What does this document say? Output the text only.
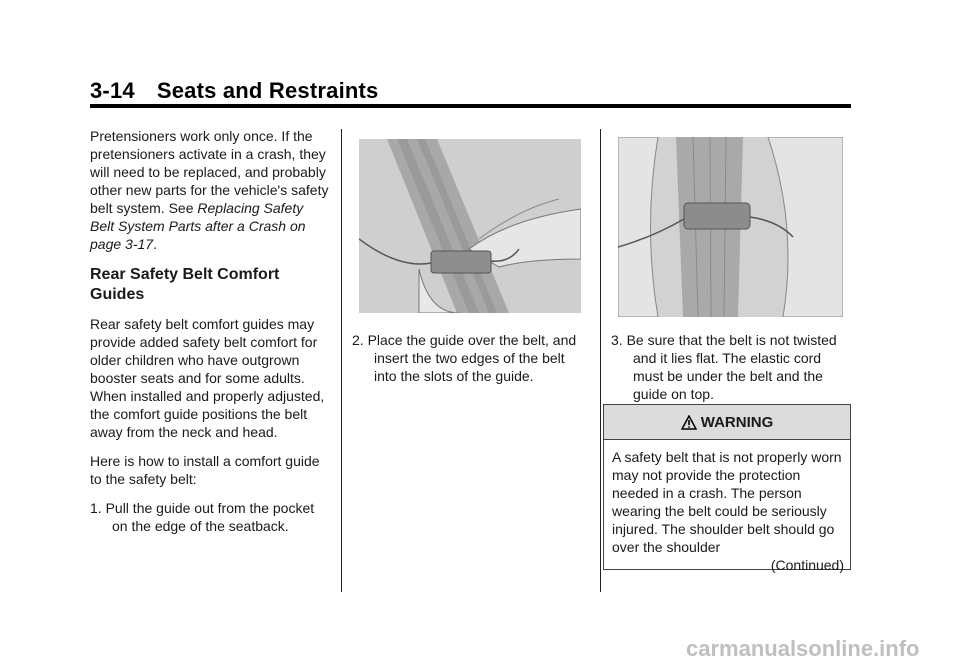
3-14 Seats and Restraints

Pretensioners work only once. If the pretensioners activate in a crash, they will need to be replaced, and probably other new parts for the vehicle's safety belt system. See Replacing Safety Belt System Parts after a Crash on page 3-17.

Rear Safety Belt Comfort Guides

Rear safety belt comfort guides may provide added safety belt comfort for older children who have outgrown booster seats and for some adults. When installed and properly adjusted, the comfort guide positions the belt away from the neck and head.

Here is how to install a comfort guide to the safety belt:

1. Pull the guide out from the pocket on the edge of the seatback.

2. Place the guide over the belt, and insert the two edges of the belt into the slots of the guide.

3. Be sure that the belt is not twisted and it lies flat. The elastic cord must be under the belt and the guide on top.

WARNING
A safety belt that is not properly worn may not provide the protection needed in a crash. The person wearing the belt could be seriously injured. The shoulder belt should go over the shoulder
(Continued)
carmanualsonline.info
